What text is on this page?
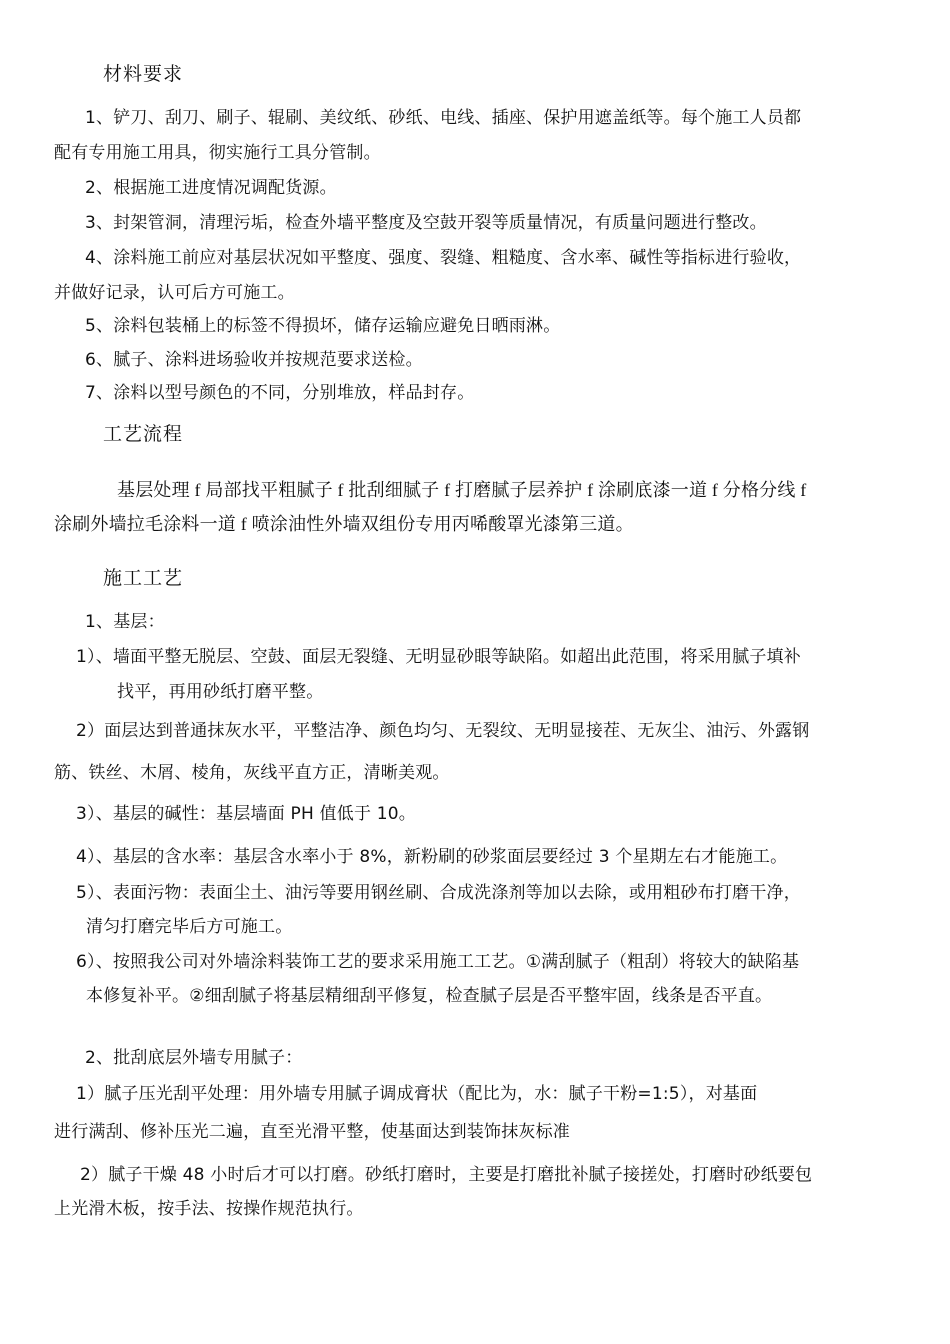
材料要求
1、铲刀、刮刀、刷子、辊刷、美纹纸、砂纸、电线、插座、保护用遮盖纸等。每个施工人员都
配有专用施工用具，彻实施行工具分管制。
2、根据施工进度情况调配货源。
3、封架管洞，清理污垢，检查外墙平整度及空鼓开裂等质量情况，有质量问题进行整改。
4、涂料施工前应对基层状况如平整度、强度、裂缝、粗糙度、含水率、碱性等指标进行验收，
并做好记录，认可后方可施工。
5、涂料包装桶上的标签不得损坏，储存运输应避免日晒雨淋。
6、腻子、涂料进场验收并按规范要求送检。
7、涂料以型号颜色的不同，分别堆放，样品封存。
工艺流程
基层处理 f 局部找平粗腻子 f 批刮细腻子 f 打磨腻子层养护 f 涂刷底漆一道 f 分格分线 f
涂刷外墙拉毛涂料一道 f 喷涂油性外墙双组份专用丙唏酸罩光漆第三道。
施工工艺
1、基层：
1）、墙面平整无脱层、空鼓、面层无裂缝、无明显砂眼等缺陷。如超出此范围，将采用腻子填补
找平，再用砂纸打磨平整。
2）面层达到普通抹灰水平，平整洁净、颜色均匀、无裂纹、无明显接茬、无灰尘、油污、外露钢
筋、铁丝、木屑、棱角，灰线平直方正，清晰美观。
3）、基层的碱性：基层墙面 PH 值低于 10。
4）、基层的含水率：基层含水率小于 8%，新粉刷的砂浆面层要经过 3 个星期左右才能施工。
5）、表面污物：表面尘土、油污等要用钢丝刷、合成洗涤剂等加以去除，或用粗砂布打磨干净，
清匀打磨完毕后方可施工。
6）、按照我公司对外墙涂料装饰工艺的要求采用施工工艺。①满刮腻子（粗刮）将较大的缺陷基
本修复补平。②细刮腻子将基层精细刮平修复，检查腻子层是否平整牢固，线条是否平直。
2、批刮底层外墙专用腻子：
1）腻子压光刮平处理：用外墙专用腻子调成膏状（配比为，水：腻子干粉=1:5），对基面
进行满刮、修补压光二遍，直至光滑平整，使基面达到装饰抹灰标准
2）腻子干燥 48 小时后才可以打磨。砂纸打磨时，主要是打磨批补腻子接搓处，打磨时砂纸要包
上光滑木板，按手法、按操作规范执行。
